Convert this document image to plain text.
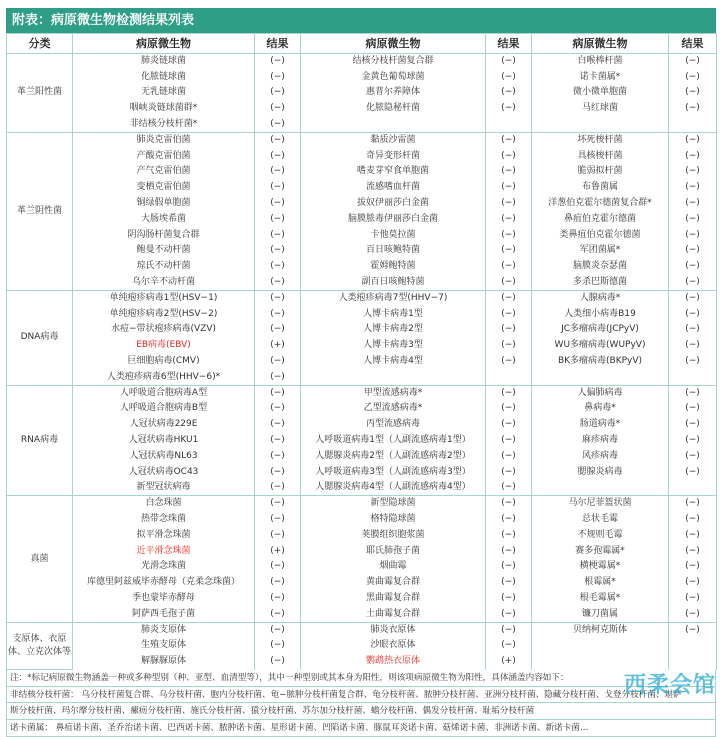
附表：病原微生物检测结果列表
分类	病原微生物	结果	病原微生物	结果	病原微生物	结果
革兰阳性菌	肺炎链球菌	(−)	结核分枝杆菌复合群	(−)	白喉棒杆菌	(−)
	化脓链球菌	(−)	金黄色葡萄球菌	(−)	诺卡菌属*	(−)
	无乳链球菌	(−)	惠普尔养障体	(−)	微小微单胞菌	(−)
	咽峡炎链球菌群*	(−)	化脓隐秘杆菌	(−)	马红球菌	(−)
	非结核分枝杆菌*	(−)				
革兰阴性菌	肺炎克雷伯菌	(−)	黏质沙雷菌	(−)	坏死梭杆菌	(−)
	产酸克雷伯菌	(−)	奇异变形杆菌	(−)	具核梭杆菌	(−)
	产气克雷伯菌	(−)	嗜麦芽窄食单胞菌	(−)	脆弱拟杆菌	(−)
	变栖克雷伯菌	(−)	流感嗜血杆菌	(−)	布鲁菌属	(−)
	铜绿假单胞菌	(−)	拔奴伊丽莎白金菌	(−)	洋葱伯克霍尔德菌复合群*	(−)
	大肠埃希菌	(−)	脑膜脓毒伊丽莎白金菌	(−)	鼻疽伯克霍尔德菌	(−)
	阴沟肠杆菌复合群	(−)	卡他莫拉菌	(−)	类鼻疽伯克霍尔德菌	(−)
	鲍曼不动杆菌	(−)	百日咳鲍特菌	(−)	军团菌属*	(−)
	琼氏不动杆菌	(−)	霍姆鲍特菌	(−)	脑膜炎奈瑟菌	(−)
	乌尔辛不动杆菌	(−)	副百日咳鲍特菌	(−)	多杀巴斯德菌	(−)
DNA病毒	单纯疱疹病毒1型(HSV−1)	(−)	人类疱疹病毒7型(HHV−7)	(−)	人腺病毒*	(−)
	单纯疱疹病毒2型(HSV−2)	(−)	人博卡病毒1型	(−)	人类细小病毒B19	(−)
	水痘−带状疱疹病毒(VZV)	(−)	人博卡病毒2型	(−)	JC多瘤病毒(JCPyV)	(−)
	EB病毒(EBV)	(+)	人博卡病毒3型	(−)	WU多瘤病毒(WUPyV)	(−)
	巨细胞病毒(CMV)	(−)	人博卡病毒4型	(−)	BK多瘤病毒(BKPyV)	(−)
	人类疱疹病毒6型(HHV−6)*	(−)				
RNA病毒	人呼吸道合胞病毒A型	(−)	甲型流感病毒*	(−)	人偏肺病毒	(−)
	人呼吸道合胞病毒B型	(−)	乙型流感病毒*	(−)	鼻病毒*	(−)
	人冠状病毒229E	(−)	丙型流感病毒	(−)	肠道病毒*	(−)
	人冠状病毒HKU1	(−)	人呼吸道病毒1型（人副流感病毒1型）	(−)	麻疹病毒	(−)
	人冠状病毒NL63	(−)	人腮腺炎病毒2型（人副流感病毒2型）	(−)	风疹病毒	(−)
	人冠状病毒OC43	(−)	人呼吸道病毒3型（人副流感病毒3型）	(−)	腮腺炎病毒	(−)
	新型冠状病毒	(−)	人腮腺炎病毒4型（人副流感病毒4型）	(−)		
真菌	白念珠菌	(−)	新型隐球菌	(−)	马尔尼菲篮状菌	(−)
	热带念珠菌	(−)	格特隐球菌	(−)	总状毛霉	(−)
	拟平滑念珠菌	(−)	荚膜组织胞浆菌	(−)	不规则毛霉	(−)
	近平滑念珠菌	(+)	耶氏肺孢子菌	(−)	赛多孢霉属*	(−)
	光滑念珠菌	(−)	烟曲霉	(−)	横梗霉属*	(−)
	库德里阿兹威毕赤酵母（克柔念珠菌）	(−)	黄曲霉复合群	(−)	根霉属*	(−)
	季也蒙毕赤酵母	(−)	黑曲霉复合群	(−)	根毛霉属*	(−)
	阿萨西毛孢子菌	(−)	土曲霉复合群	(−)	镰刀菌属	(−)
支原体、衣原体、立克次体等	肺炎支原体	(−)	肺炎衣原体	(−)	贝纳柯克斯体	(−)
	生殖支原体	(−)	沙眼衣原体	(−)		
	解脲脲原体	(−)	鹦鹉热衣原体	(+)		
注：*标记病原微生物涵盖一种或多种型别（种、亚型、血清型等），其中一种型别或其本身为阳性，则该项病原微生物为阳性，具体涵盖内容如下：
非结核分枝杆菌： 乌分枝杆菌复合群、乌分枝杆菌、胞内分枝杆菌、龟−脓肿分枝杆菌复合群、龟分枝杆菌、脓肿分枝杆菌、亚洲分枝杆菌、隐藏分枝杆菌、戈登分枝杆菌、堪萨
斯分枝杆菌、玛尔摩分枝杆菌、瘰疬分枝杆菌、施氏分枝杆菌、猿分枝杆菌、苏尔加分枝杆菌、蟾分枝杆菌、偶发分枝杆菌、耻垢分枝杆菌
诺卡菌属： 鼻疽诺卡菌、圣乔治诺卡菌、巴西诺卡菌、脓肿诺卡菌、星形诺卡菌、凹陷诺卡菌、豚鼠耳炎诺卡菌、菇烯诺卡菌、非洲诺卡菌、新诺卡菌…
西柔会馆
